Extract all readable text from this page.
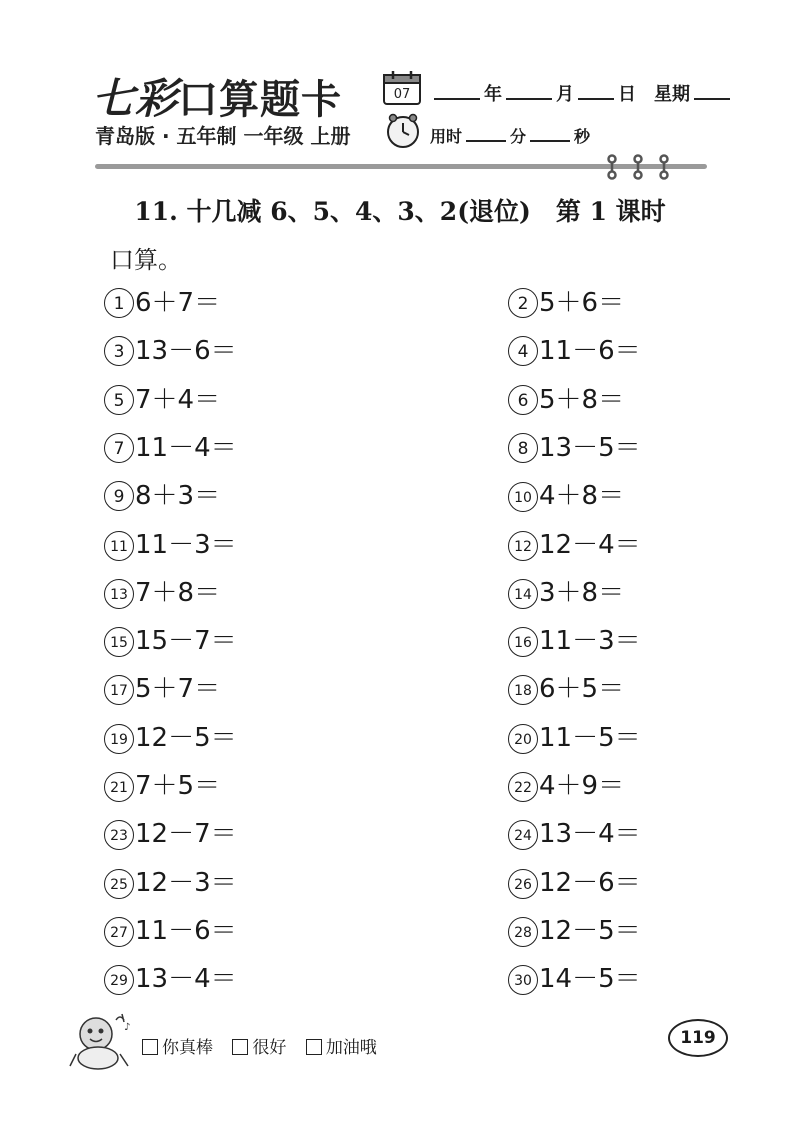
七彩口算题卡
青岛版 · 五年制 一年级 上册
07	年	月 日　 星期
用时	分	秒
11. 十几减 6、5、4、3、2(退位)　第 1 课时
口算。
1 6＋7＝	2 5＋6＝
3 13－6＝	4 11－6＝
5 7＋4＝	6 5＋8＝
7 11－4＝	8 13－5＝
9 8＋3＝	10 4＋8＝
11 11－3＝	12 12－4＝
13 7＋8＝	14 3＋8＝
15 15－7＝	16 11－3＝
17 5＋7＝	18 6＋5＝
19 12－5＝	20 11－5＝
21 7＋5＝	22 4＋9＝
23 12－7＝	24 13－4＝
25 12－3＝	26 12－6＝
27 11－6＝	28 12－5＝
29 13－4＝	30 14－5＝
♪
你真棒 很好 加油哦	119
